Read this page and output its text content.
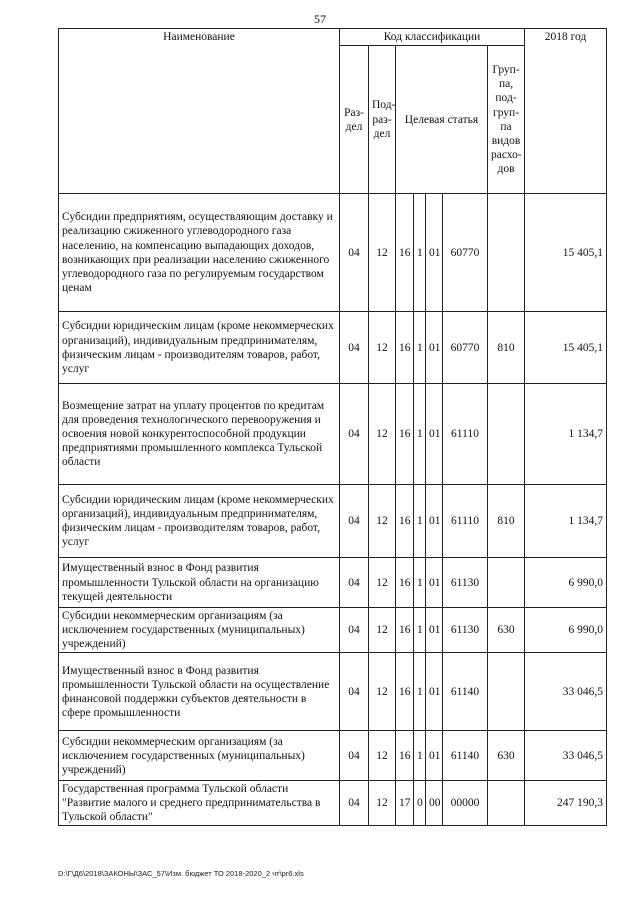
57
Наименование	Код классификации							2018 год
	Раз-дел	Под-раз-дел	Целевая статья				Груп-па, под-груп-па видов расхо-дов	
Субсидии предприятиям, осуществляющим доставку и реализацию сжиженного углеводородного газа населению, на компенсацию выпадающих доходов, возникающих при реализации населению сжиженного углеводородного газа по регулируемым государством ценам	04	12	16	1	01	60770		15 405,1
Субсидии юридическим лицам (кроме некоммерческих организаций), индивидуальным предпринимателям, физическим лицам - производителям товаров, работ, услуг	04	12	16	1	01	60770	810	15 405,1
Возмещение затрат на уплату процентов по кредитам для проведения технологического перевооружения и освоения новой конкурентоспособной продукции предприятиями промышленного комплекса Тульской области	04	12	16	1	01	61110		1 134,7
Субсидии юридическим лицам (кроме некоммерческих организаций), индивидуальным предпринимателям, физическим лицам - производителям товаров, работ, услуг	04	12	16	1	01	61110	810	1 134,7
Имущественный взнос в Фонд развития промышленности Тульской области на организацию текущей деятельности	04	12	16	1	01	61130		6 990,0
Субсидии некоммерческим организациям (за исключением государственных (муниципальных) учреждений)	04	12	16	1	01	61130	630	6 990,0
Имущественный взнос в Фонд развития промышленности Тульской области на осуществление финансовой поддержки субъектов деятельности в сфере промышленности	04	12	16	1	01	61140		33 046,5
Субсидии некоммерческим организациям (за исключением государственных (муниципальных) учреждений)	04	12	16	1	01	61140	630	33 046,5
Государственная программа Тульской области "Развитие малого и среднего предпринимательства в Тульской области"	04	12	17	0	00	00000		247 190,3
D:\Г\Д6\2018\ЗАКОНЫ\ЗАС_57\Изм. бюджет ТО 2018-2020_2 чт\pr6.xls
